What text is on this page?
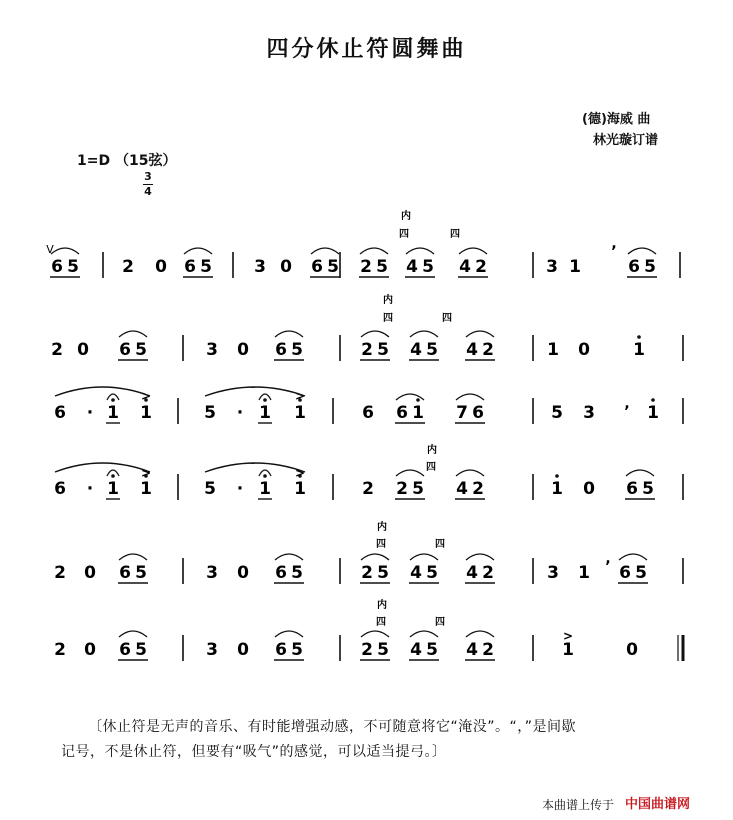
四分休止符圆舞曲
(德)海威 曲
林光璇订谱
1=D （15弦）
3
4
6 5	2 0 6 5 3 0 6 5 2 5 4 5 4 2	3 1	6 5
2 0 6 5	3 0 6 5	2 5 4 5 4 2	1 0	1
6 · 1 1	5 · 1 1	6 6 1 7 6	5 3	1
6 · 1 1	5 · 1 1	2 2 5 4 2	1 0 6 5
2 0 6 5	3 0 6 5	2 5 4 5 4 2	3 1 6 5
2 0 6 5	3 0 6 5	2 5 4 5 4 2	1	0
内
四	四
内
四	四
内
四
内
四	四
内
四	四
>	>
>	>
>
,
,
,
V
〔休止符是无声的音乐、有时能增强动感，不可随意将它“淹没”。“，”是间歇
记号，不是休止符，但要有“吸气”的感觉，可以适当提弓。〕
本曲谱上传于 中国曲谱网
